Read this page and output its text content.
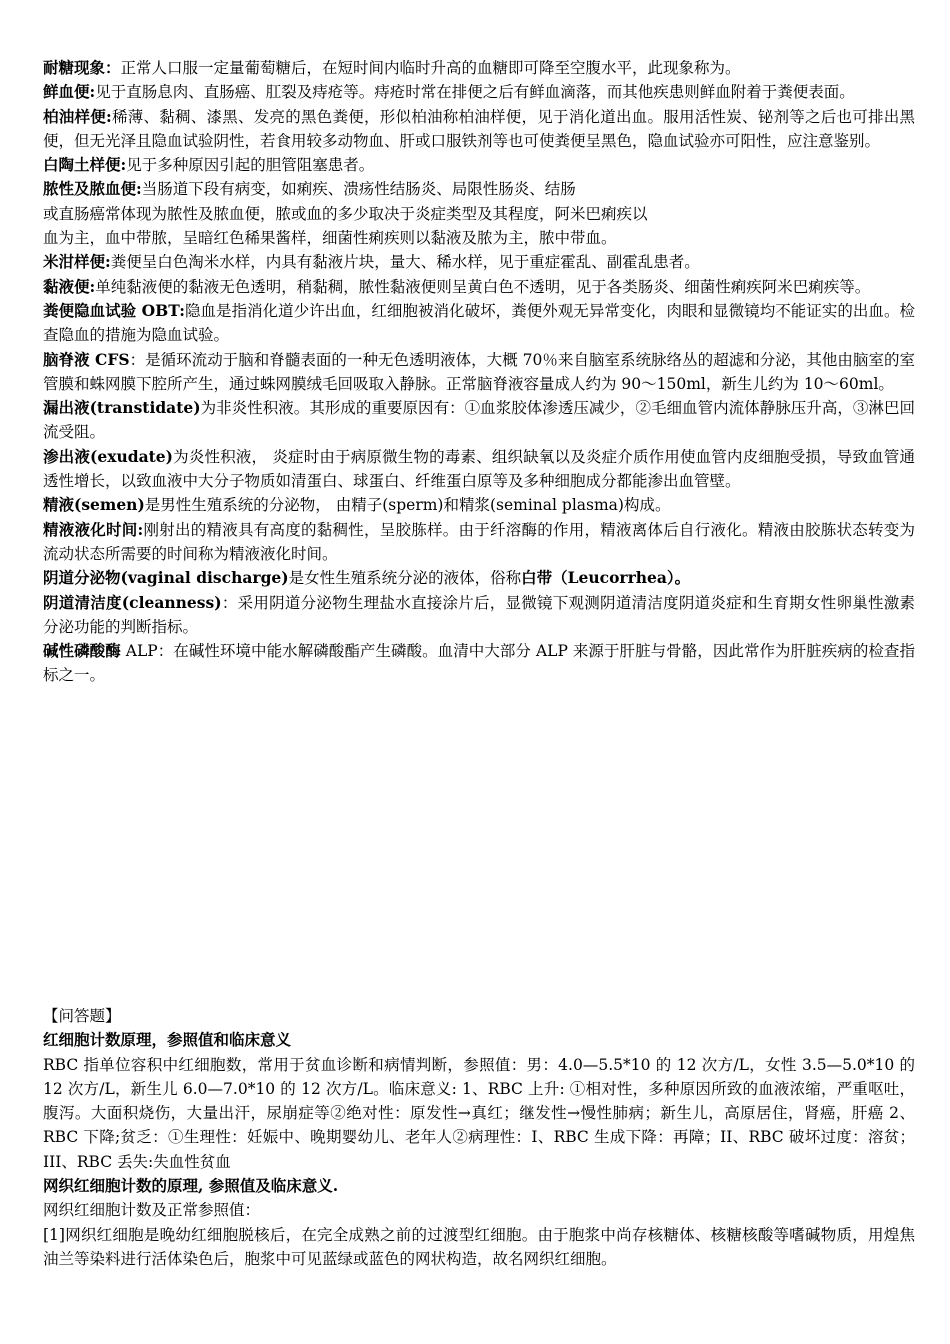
耐糖现象：正常人口服一定量葡萄糖后，在短时间内临时升高的血糖即可降至空腹水平，此现象称为。

鲜血便:见于直肠息肉、直肠癌、肛裂及痔疮等。痔疮时常在排便之后有鲜血滴落，而其他疾患则鲜血附着于粪便表面。

柏油样便:稀薄、黏稠、漆黑、发亮的黑色粪便，形似柏油称柏油样便，见于消化道出血。服用活性炭、铋剂等之后也可排出黑便，但无光泽且隐血试验阴性，若食用较多动物血、肝或口服铁剂等也可使粪便呈黑色，隐血试验亦可阳性，应注意鉴别。

白陶土样便:见于多种原因引起的胆管阻塞患者。

脓性及脓血便:当肠道下段有病变，如痢疾、溃疡性结肠炎、局限性肠炎、结肠

或直肠癌常体现为脓性及脓血便，脓或血的多少取决于炎症类型及其程度，阿米巴痢疾以

血为主，血中带脓，呈暗红色稀果酱样，细菌性痢疾则以黏液及脓为主，脓中带血。

米泔样便:粪便呈白色淘米水样，内具有黏液片块，量大、稀水样，见于重症霍乱、副霍乱患者。

黏液便:单纯黏液便的黏液无色透明，稍黏稠，脓性黏液便则呈黄白色不透明，见于各类肠炎、细菌性痢疾阿米巴痢疾等。

粪便隐血试验 OBT:隐血是指消化道少许出血，红细胞被消化破坏，粪便外观无异常变化，肉眼和显微镜均不能证实的出血。检查隐血的措施为隐血试验。

脑脊液 CFS：是循环流动于脑和脊髓表面的一种无色透明液体，大概 70％来自脑室系统脉络丛的超滤和分泌，其他由脑室的室管膜和蛛网膜下腔所产生，通过蛛网膜绒毛回吸取入静脉。正常脑脊液容量成人约为 90～150ml，新生儿约为 10～60ml。

漏出液(transtidate)为非炎性积液。其形成的重要原因有：①血浆胶体渗透压减少，②毛细血管内流体静脉压升高，③淋巴回流受阻。

渗出液(exudate)为炎性积液， 炎症时由于病原微生物的毒素、组织缺氧以及炎症介质作用使血管内皮细胞受损，导致血管通透性增长，以致血液中大分子物质如清蛋白、球蛋白、纤维蛋白原等及多种细胞成分都能渗出血管壁。

精液(semen)是男性生殖系统的分泌物， 由精子(sperm)和精浆(seminal plasma)构成。

精液液化时间:刚射出的精液具有高度的黏稠性，呈胶胨样。由于纤溶酶的作用，精液离体后自行液化。精液由胶胨状态转变为流动状态所需要的时间称为精液液化时间。

阴道分泌物(vaginal discharge)是女性生殖系统分泌的液体，俗称白带（Leucorrhea）。

阴道清洁度(cleanness)：采用阴道分泌物生理盐水直接涂片后，显微镜下观测阴道清洁度阴道炎症和生育期女性卵巢性激素分泌功能的判断指标。

碱性磷酸酶 ALP：在碱性环境中能水解磷酸酯产生磷酸。血清中大部分 ALP 来源于肝脏与骨骼，因此常作为肝脏疾病的检查指标之一。

【问答题】

红细胞计数原理，参照值和临床意义

RBC 指单位容积中红细胞数，常用于贫血诊断和病情判断，参照值：男：4.0—5.5*10 的 12 次方/L，女性 3.5—5.0*10 的 12 次方/L，新生儿 6.0—7.0*10 的 12 次方/L。临床意义: 1、RBC 上升: ①相对性，多种原因所致的血液浓缩，严重呕吐，腹泻。大面积烧伤，大量出汗，尿崩症等②绝对性：原发性→真红；继发性→慢性肺病；新生儿，高原居住，肾癌，肝癌 2、RBC 下降;贫乏：①生理性：妊娠中、晚期婴幼儿、老年人②病理性：I、RBC 生成下降：再障；II、RBC 破坏过度：溶贫；III、RBC 丢失:失血性贫血

网织红细胞计数的原理, 参照值及临床意义.

网织红细胞计数及正常参照值：

[1]网织红细胞是晚幼红细胞脱核后，在完全成熟之前的过渡型红细胞。由于胞浆中尚存核糖体、核糖核酸等嗜碱物质，用煌焦油兰等染料进行活体染色后，胞浆中可见蓝绿或蓝色的网状构造，故名网织红细胞。
